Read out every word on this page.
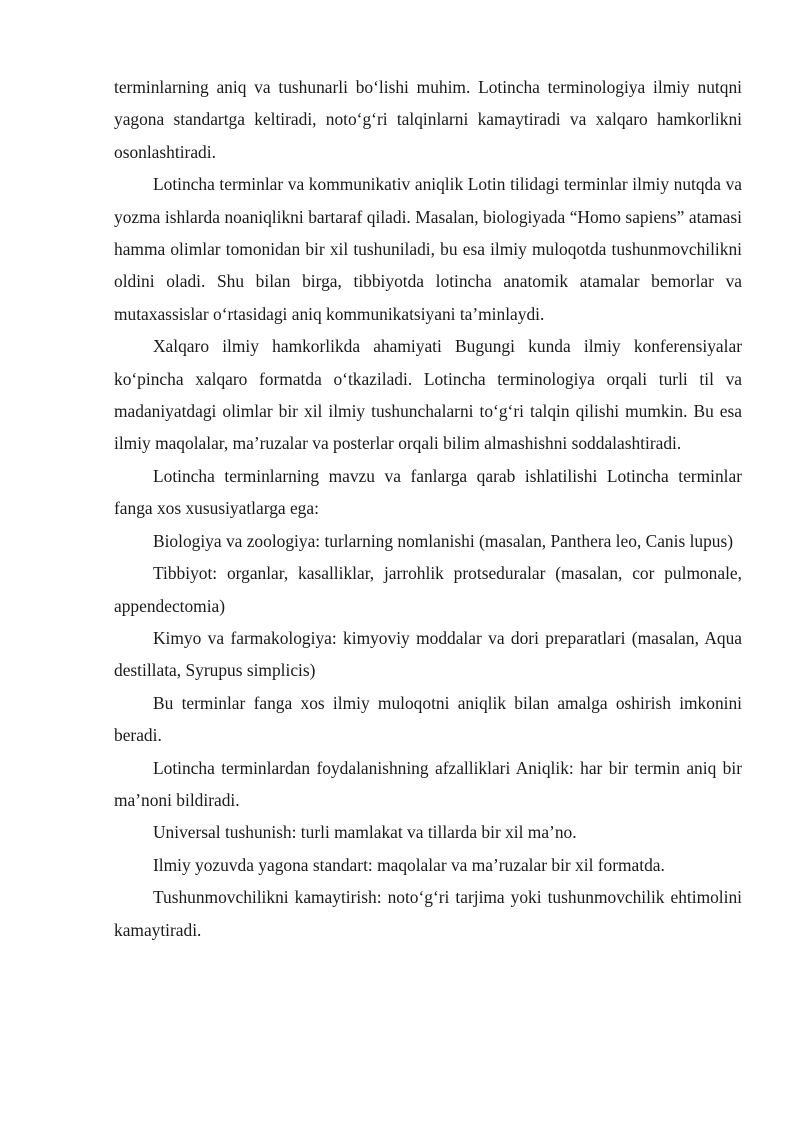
terminlarning aniq va tushunarli bo‘lishi muhim. Lotincha terminologiya ilmiy nutqni yagona standartga keltiradi, noto‘g‘ri talqinlarni kamaytiradi va xalqaro hamkorlikni osonlashtiradi.

Lotincha terminlar va kommunikativ aniqlik Lotin tilidagi terminlar ilmiy nutqda va yozma ishlarda noaniqlikni bartaraf qiladi. Masalan, biologiyada “Homo sapiens” atamasi hamma olimlar tomonidan bir xil tushuniladi, bu esa ilmiy muloqotda tushunmovchilikni oldini oladi. Shu bilan birga, tibbiyotda lotincha anatomik atamalar bemorlar va mutaxassislar o‘rtasidagi aniq kommunikatsiyani ta’minlaydi.

Xalqaro ilmiy hamkorlikda ahamiyati Bugungi kunda ilmiy konferensiyalar ko‘pincha xalqaro formatda o‘tkaziladi. Lotincha terminologiya orqali turli til va madaniyatdagi olimlar bir xil ilmiy tushunchalarni to‘g‘ri talqin qilishi mumkin. Bu esa ilmiy maqolalar, ma’ruzalar va posterlar orqali bilim almashishni soddalashtiradi.

Lotincha terminlarning mavzu va fanlarga qarab ishlatilishi Lotincha terminlar fanga xos xususiyatlarga ega:

Biologiya va zoologiya: turlarning nomlanishi (masalan, Panthera leo, Canis lupus)

Tibbiyot: organlar, kasalliklar, jarrohlik protseduralar (masalan, cor pulmonale, appendectomia)

Kimyo va farmakologiya: kimyoviy moddalar va dori preparatlari (masalan, Aqua destillata, Syrupus simplicis)

Bu terminlar fanga xos ilmiy muloqotni aniqlik bilan amalga oshirish imkonini beradi.

Lotincha terminlardan foydalanishning afzalliklari Aniqlik: har bir termin aniq bir ma’noni bildiradi.

Universal tushunish: turli mamlakat va tillarda bir xil ma’no.

Ilmiy yozuvda yagona standart: maqolalar va ma’ruzalar bir xil formatda.

Tushunmovchilikni kamaytirish: noto‘g‘ri tarjima yoki tushunmovchilik ehtimolini kamaytiradi.
